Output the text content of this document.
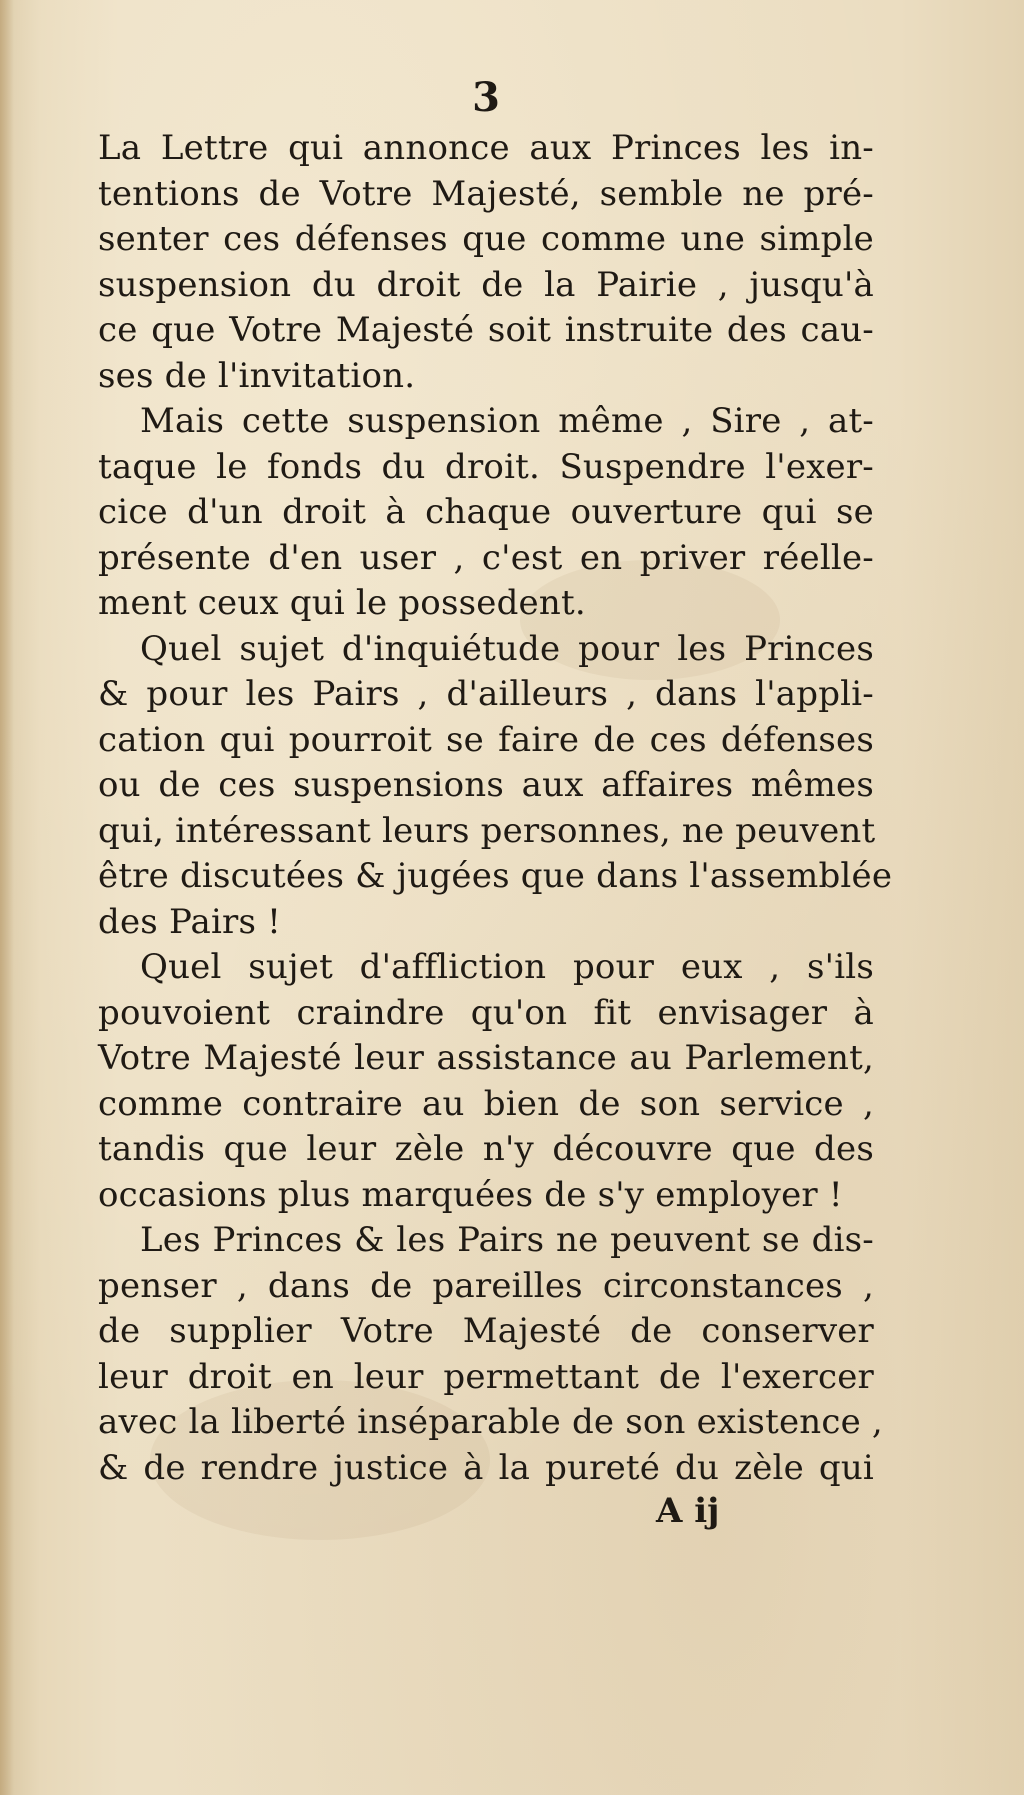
3
La Lettre qui annonce aux Princes les in-
tentions de Votre Majesté, semble ne pré-
senter ces défenses que comme une simple
suspension du droit de la Pairie , jusqu'à
ce que Votre Majesté soit instruite des cau-
ses de l'invitation.
Mais cette suspension même , Sire , at-
taque le fonds du droit. Suspendre l'exer-
cice d'un droit à chaque ouverture qui se
présente d'en user , c'est en priver réelle-
ment ceux qui le possedent.
Quel sujet d'inquiétude pour les Princes
& pour les Pairs , d'ailleurs , dans l'appli-
cation qui pourroit se faire de ces défenses
ou de ces suspensions aux affaires mêmes
qui, intéressant leurs personnes, ne peuvent
être discutées & jugées que dans l'assemblée
des Pairs !
Quel sujet d'affliction pour eux , s'ils
pouvoient craindre qu'on fit envisager à
Votre Majesté leur assistance au Parlement,
comme contraire au bien de son service ,
tandis que leur zèle n'y découvre que des
occasions plus marquées de s'y employer !
Les Princes & les Pairs ne peuvent se dis-
penser , dans de pareilles circonstances ,
de supplier Votre Majesté de conserver
leur droit en leur permettant de l'exercer
avec la liberté inséparable de son existence ,
& de rendre justice à la pureté du zèle qui
A ij
